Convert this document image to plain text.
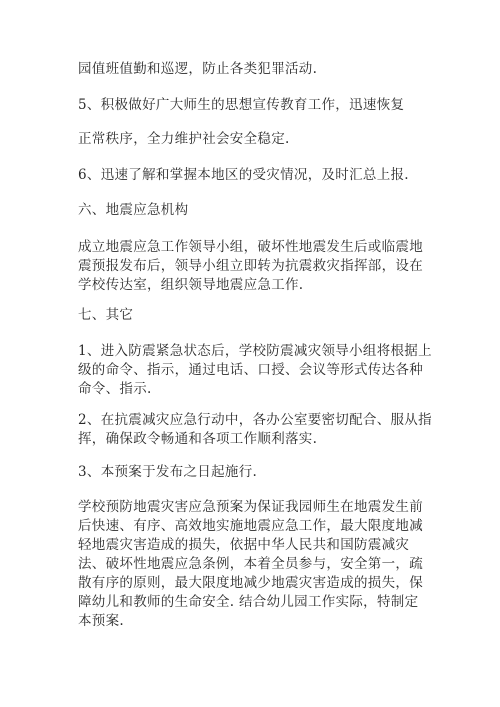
园值班值勤和巡逻，防止各类犯罪活动.

5、积极做好广大师生的思想宣传教育工作，迅速恢复

正常秩序，全力维护社会安全稳定.

6、迅速了解和掌握本地区的受灾情况，及时汇总上报.

六、地震应急机构

成立地震应急工作领导小组，破坏性地震发生后或临震地
震预报发布后，领导小组立即转为抗震救灾指挥部，设在
学校传达室，组织领导地震应急工作.

七、其它

1、进入防震紧急状态后，学校防震减灾领导小组将根据上
级的命令、指示，通过电话、口授、会议等形式传达各种
命令、指示.

2、在抗震减灾应急行动中，各办公室要密切配合、服从指
挥，确保政令畅通和各项工作顺利落实.

3、本预案于发布之日起施行.

学校预防地震灾害应急预案为保证我园师生在地震发生前
后快速、有序、高效地实施地震应急工作，最大限度地减
轻地震灾害造成的损失，依据中华人民共和国防震减灾
法、破坏性地震应急条例，本着全员参与，安全第一，疏
散有序的原则，最大限度地减少地震灾害造成的损失，保
障幼儿和教师的生命安全. 结合幼儿园工作实际，特制定
本预案.
